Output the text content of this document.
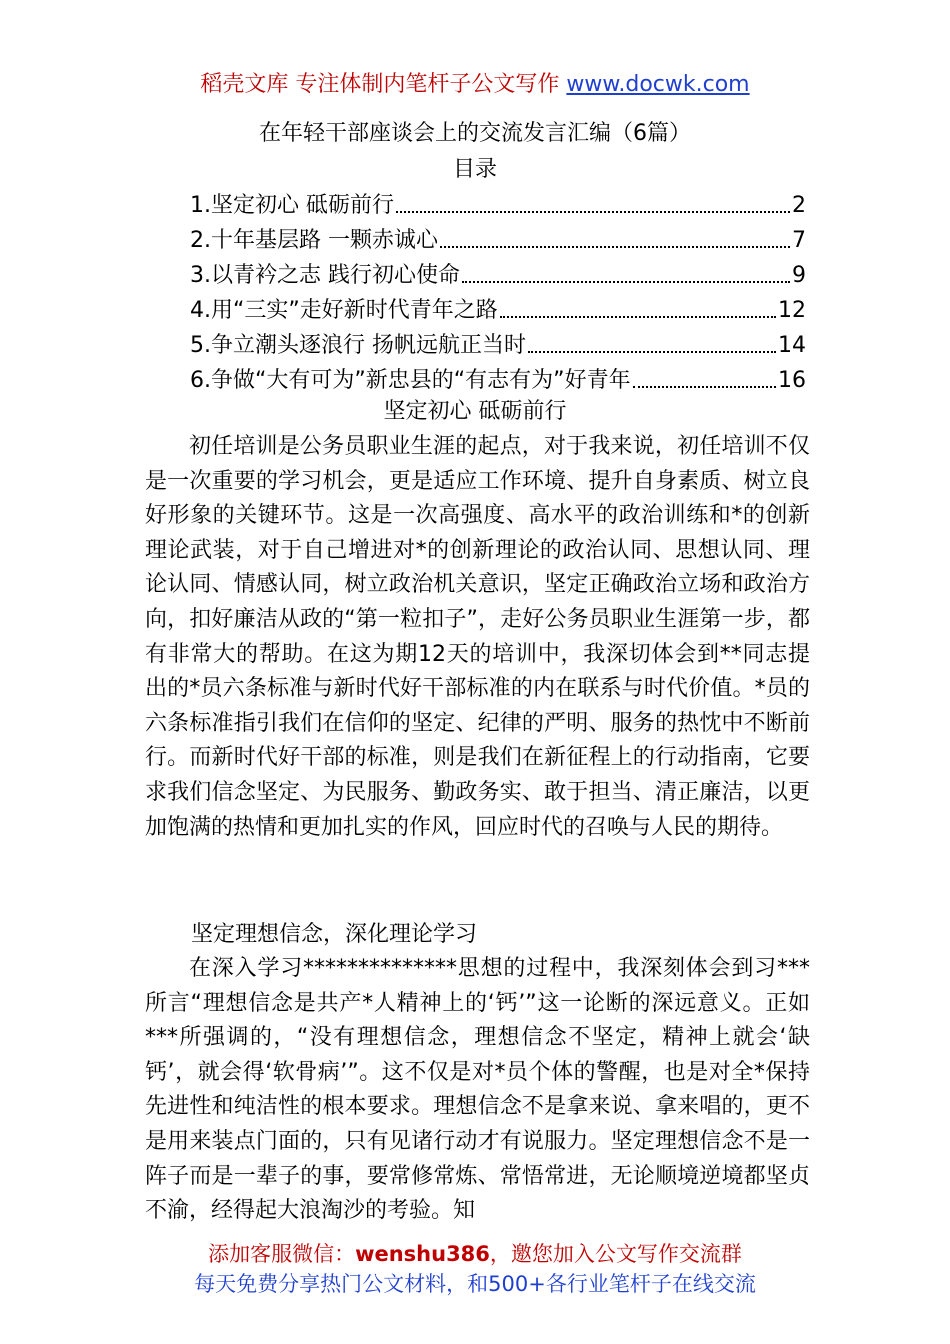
稻壳文库 专注体制内笔杆子公文写作 www.docwk.com
在年轻干部座谈会上的交流发言汇编（6篇）
目录
1.坚定初心 砥砺前行	2
2.十年基层路 一颗赤诚心	7
3.以青衿之志 践行初心使命	9
4.用“三实”走好新时代青年之路	12
5.争立潮头逐浪行 扬帆远航正当时	14
6.争做“大有可为”新忠县的“有志有为”好青年	16
坚定初心 砥砺前行

初任培训是公务员职业生涯的起点，对于我来说，初任培训不仅是一次重要的学习机会，更是适应工作环境、提升自身素质、树立良好形象的关键环节。这是一次高强度、高水平的政治训练和*的创新理论武装，对于自己增进对*的创新理论的政治认同、思想认同、理论认同、情感认同，树立政治机关意识，坚定正确政治立场和政治方向，扣好廉洁从政的“第一粒扣子”，走好公务员职业生涯第一步，都有非常大的帮助。在这为期12天的培训中，我深切体会到**同志提出的*员六条标准与新时代好干部标准的内在联系与时代价值。*员的六条标准指引我们在信仰的坚定、纪律的严明、服务的热忱中不断前行。而新时代好干部的标准，则是我们在新征程上的行动指南，它要求我们信念坚定、为民服务、勤政务实、敢于担当、清正廉洁，以更加饱满的热情和更加扎实的作风，回应时代的召唤与人民的期待。

坚定理想信念，深化理论学习

在深入学习**************思想的过程中，我深刻体会到习***所言“理想信念是共产*人精神上的‘钙’”这一论断的深远意义。正如***所强调的，“没有理想信念，理想信念不坚定，精神上就会‘缺钙’，就会得‘软骨病’”。这不仅是对*员个体的警醒，也是对全*保持先进性和纯洁性的根本要求。理想信念不是拿来说、拿来唱的，更不是用来装点门面的，只有见诸行动才有说服力。坚定理想信念不是一阵子而是一辈子的事，要常修常炼、常悟常进，无论顺境逆境都坚贞不渝，经得起大浪淘沙的考验。知

添加客服微信：wenshu386，邀您加入公文写作交流群
每天免费分享热门公文材料，和500+各行业笔杆子在线交流
